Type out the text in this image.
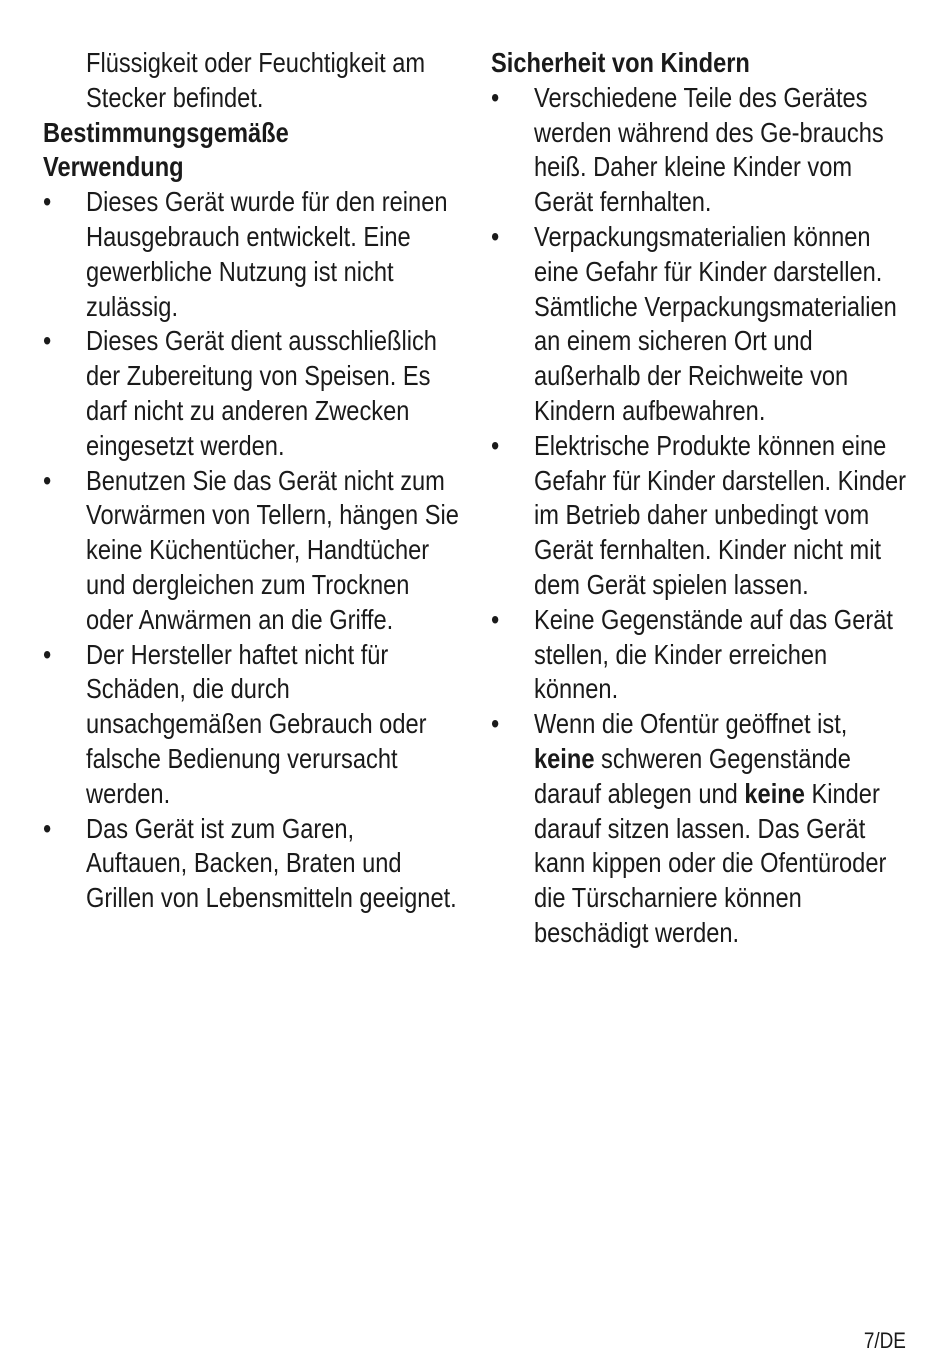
Flüssigkeit oder Feuchtigkeit am Stecker befindet.
Bestimmungsgemäße
Verwendung
•	Dieses Gerät wurde für den reinen Hausgebrauch entwickelt. Eine gewerbliche Nutzung ist nicht zulässig.
•	Dieses Gerät dient ausschließlich der Zubereitung von Speisen. Es darf nicht zu anderen Zwecken eingesetzt werden.
•	Benutzen Sie das Gerät nicht zum Vorwärmen von Tellern, hängen Sie keine Küchentücher, Handtücher und dergleichen zum Trocknen oder Anwärmen an die Griffe.
•	Der Hersteller haftet nicht für Schäden, die durch unsachgemäßen Gebrauch oder falsche Bedienung verursacht werden.
•	Das Gerät ist zum Garen, Auftauen, Backen, Braten und Grillen von Lebensmitteln geeignet.
Sicherheit von Kindern
•	Verschiedene Teile des Gerätes werden während des Ge-brauchs heiß. Daher kleine Kinder vom Gerät fernhalten.
•	Verpackungsmaterialien können eine Gefahr für Kinder darstellen. Sämtliche Verpackungsmaterialien an einem sicheren Ort und außerhalb der Reichweite von Kindern aufbewahren.
•	Elektrische Produkte können eine Gefahr für Kinder darstellen. Kinder im Betrieb daher unbedingt vom Gerät fernhalten. Kinder nicht mit dem Gerät spielen lassen.
•	Keine Gegenstände auf das Gerät stellen, die Kinder erreichen können.
•	Wenn die Ofentür geöffnet ist, keine schweren Gegenstände darauf ablegen und keine Kinder darauf sitzen lassen. Das Gerät kann kippen oder die Ofentüroder die Türscharniere können beschädigt werden.
7/DE
